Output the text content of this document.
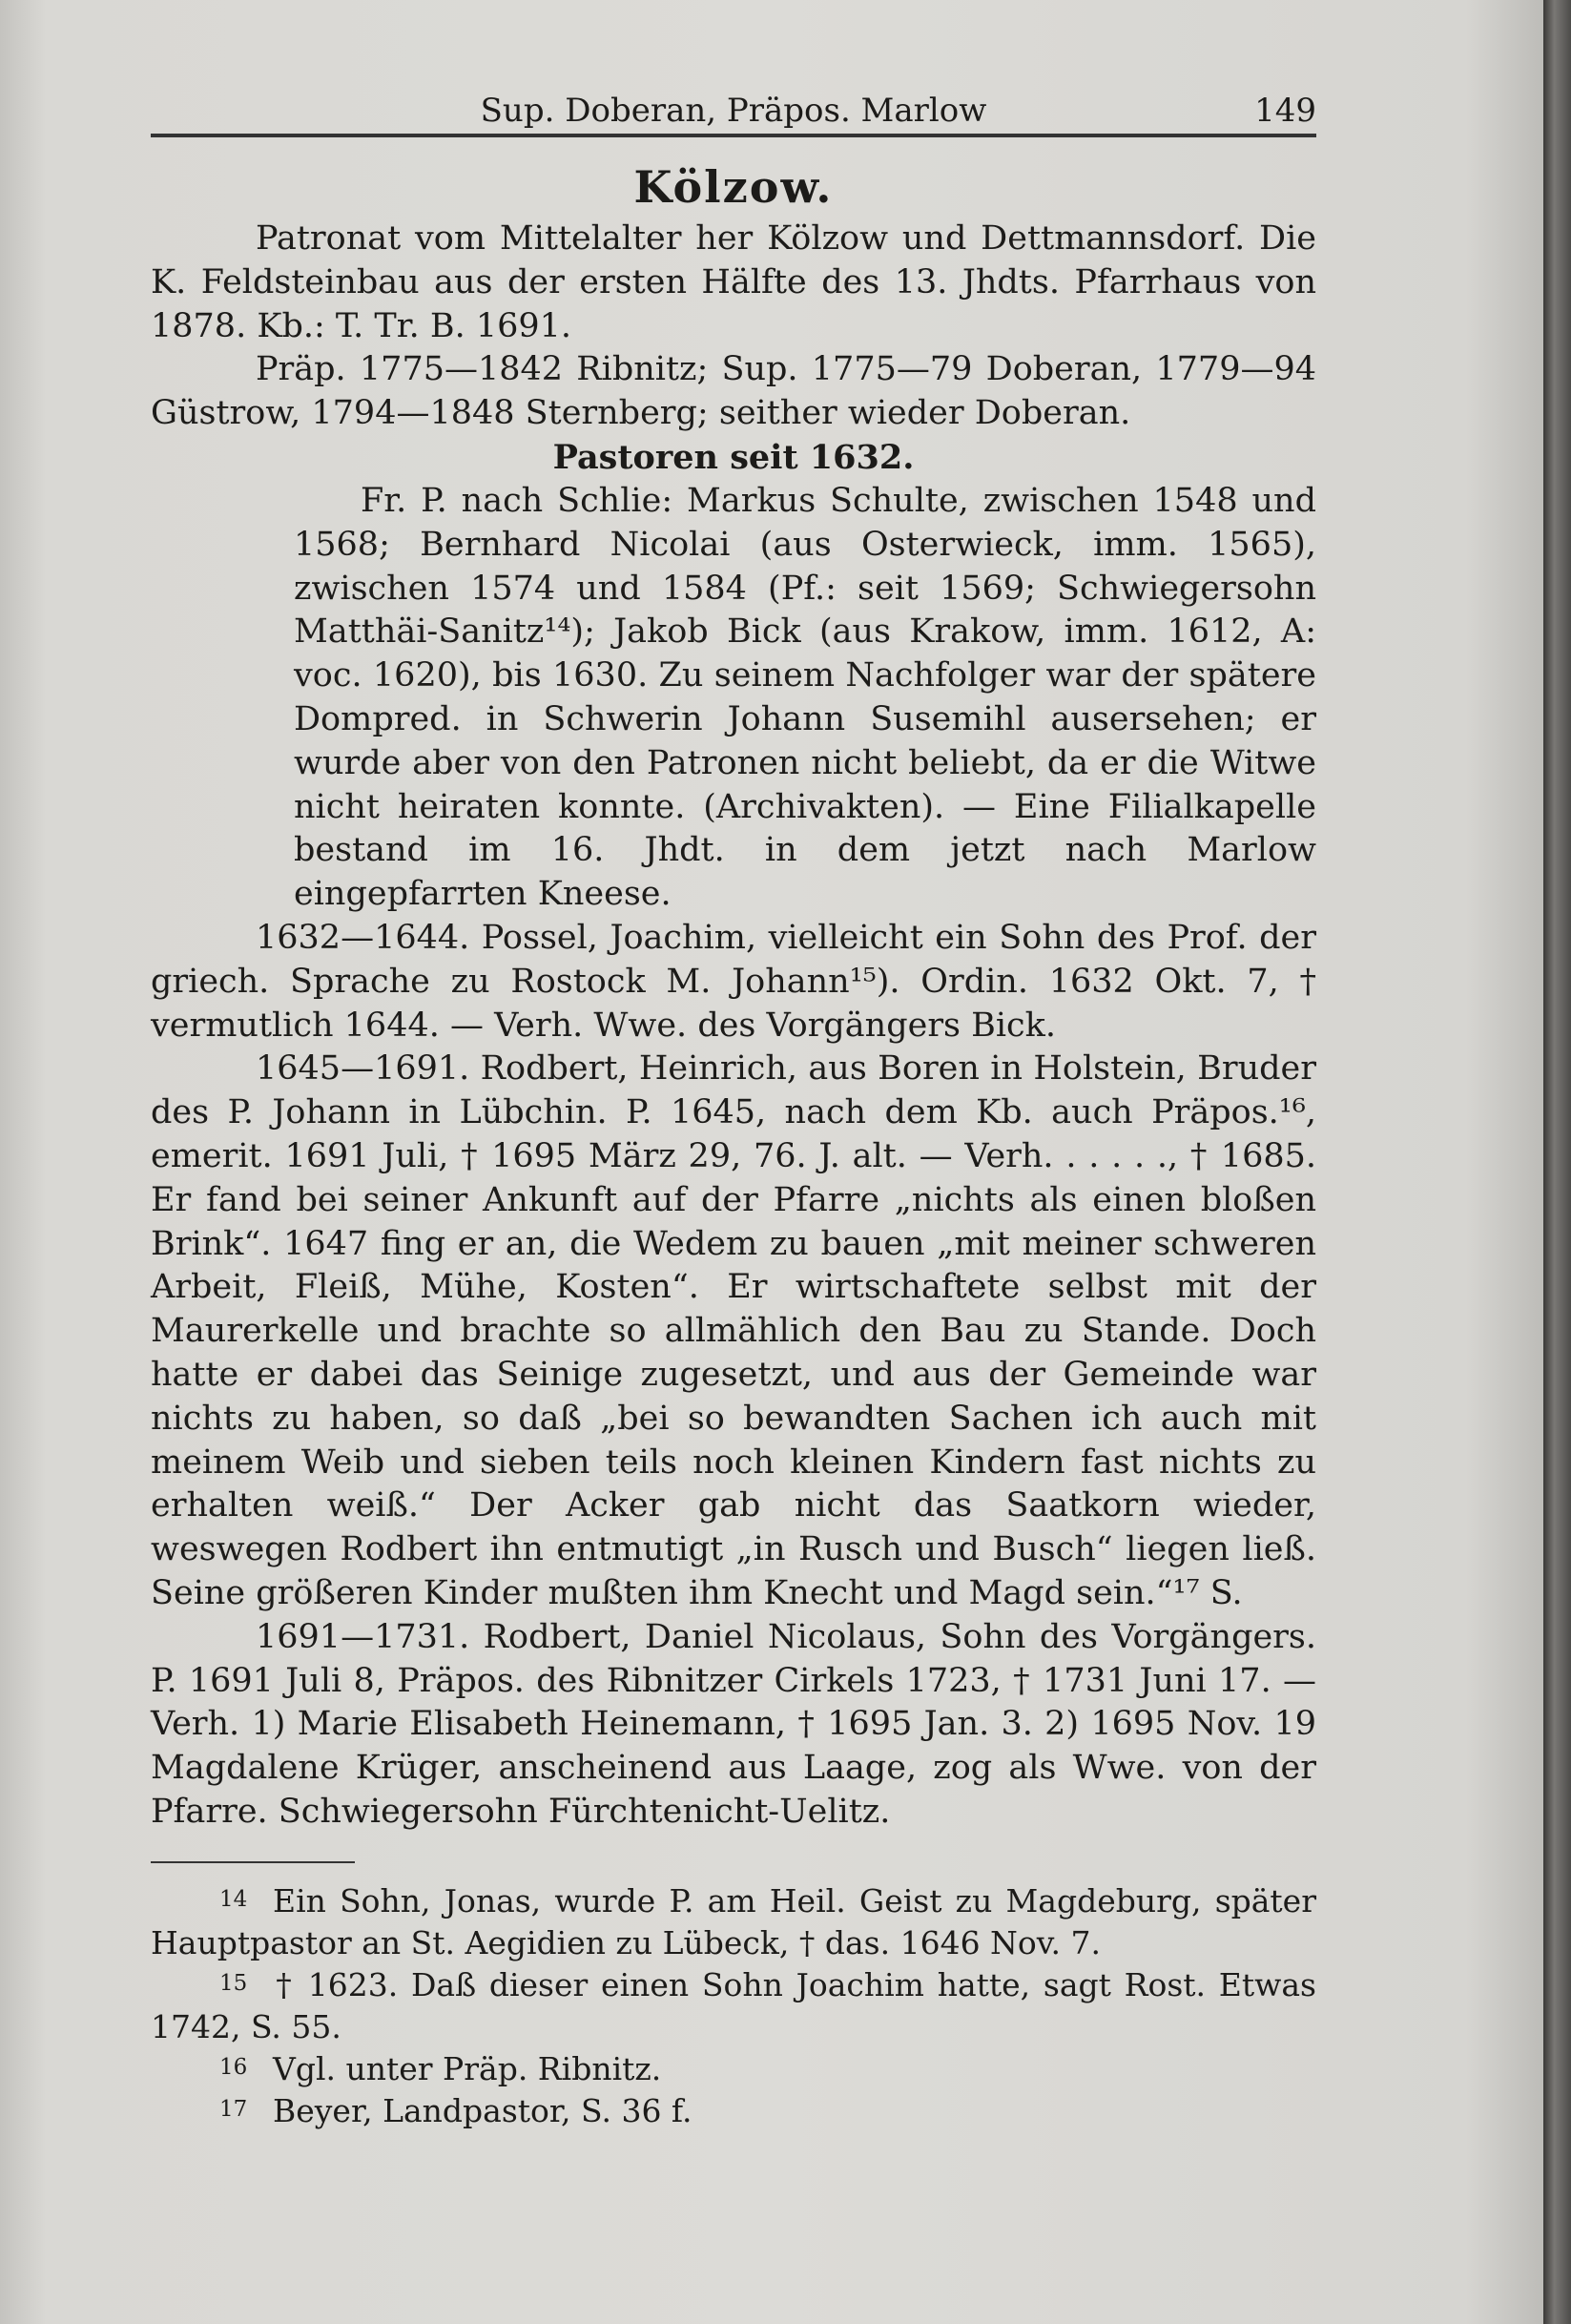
Sup. Doberan, Präpos. Marlow	149
Kölzow.

Patronat vom Mittelalter her Kölzow und Dettmannsdorf. Die K. Feldsteinbau aus der ersten Hälfte des 13. Jhdts. Pfarrhaus von 1878. Kb.: T. Tr. B. 1691.

Präp. 1775—1842 Ribnitz; Sup. 1775—79 Doberan, 1779—94 Güstrow, 1794—1848 Sternberg; seither wieder Doberan.

Pastoren seit 1632.

Fr. P. nach Schlie: Markus Schulte, zwischen 1548 und 1568; Bernhard Nicolai (aus Osterwieck, imm. 1565), zwischen 1574 und 1584 (Pf.: seit 1569; Schwiegersohn Matthäi-Sanitz¹⁴); Jakob Bick (aus Krakow, imm. 1612, A: voc. 1620), bis 1630. Zu seinem Nachfolger war der spätere Dompred. in Schwerin Johann Susemihl ausersehen; er wurde aber von den Patronen nicht beliebt, da er die Witwe nicht heiraten konnte. (Archivakten). — Eine Filialkapelle bestand im 16. Jhdt. in dem jetzt nach Marlow eingepfarrten Kneese.

1632—1644. Possel, Joachim, vielleicht ein Sohn des Prof. der griech. Sprache zu Rostock M. Johann¹⁵). Ordin. 1632 Okt. 7, † vermutlich 1644. — Verh. Wwe. des Vorgängers Bick.

1645—1691. Rodbert, Heinrich, aus Boren in Holstein, Bruder des P. Johann in Lübchin. P. 1645, nach dem Kb. auch Präpos.¹⁶, emerit. 1691 Juli, † 1695 März 29, 76. J. alt. — Verh. . . . . ., † 1685. Er fand bei seiner Ankunft auf der Pfarre „nichts als einen bloßen Brink“. 1647 fing er an, die Wedem zu bauen „mit meiner schweren Arbeit, Fleiß, Mühe, Kosten“. Er wirtschaftete selbst mit der Maurerkelle und brachte so allmählich den Bau zu Stande. Doch hatte er dabei das Seinige zugesetzt, und aus der Gemeinde war nichts zu haben, so daß „bei so bewandten Sachen ich auch mit meinem Weib und sieben teils noch kleinen Kindern fast nichts zu erhalten weiß.“ Der Acker gab nicht das Saatkorn wieder, weswegen Rodbert ihn entmutigt „in Rusch und Busch“ liegen ließ. Seine größeren Kinder mußten ihm Knecht und Magd sein.“¹⁷ S.

1691—1731. Rodbert, Daniel Nicolaus, Sohn des Vorgängers. P. 1691 Juli 8, Präpos. des Ribnitzer Cirkels 1723, † 1731 Juni 17. — Verh. 1) Marie Elisabeth Heinemann, † 1695 Jan. 3. 2) 1695 Nov. 19 Magdalene Krüger, anscheinend aus Laage, zog als Wwe. von der Pfarre. Schwiegersohn Fürchtenicht-Uelitz.

14 Ein Sohn, Jonas, wurde P. am Heil. Geist zu Magdeburg, später Hauptpastor an St. Aegidien zu Lübeck, † das. 1646 Nov. 7.

15 † 1623. Daß dieser einen Sohn Joachim hatte, sagt Rost. Etwas 1742, S. 55.

16 Vgl. unter Präp. Ribnitz.

17 Beyer, Landpastor, S. 36 f.
